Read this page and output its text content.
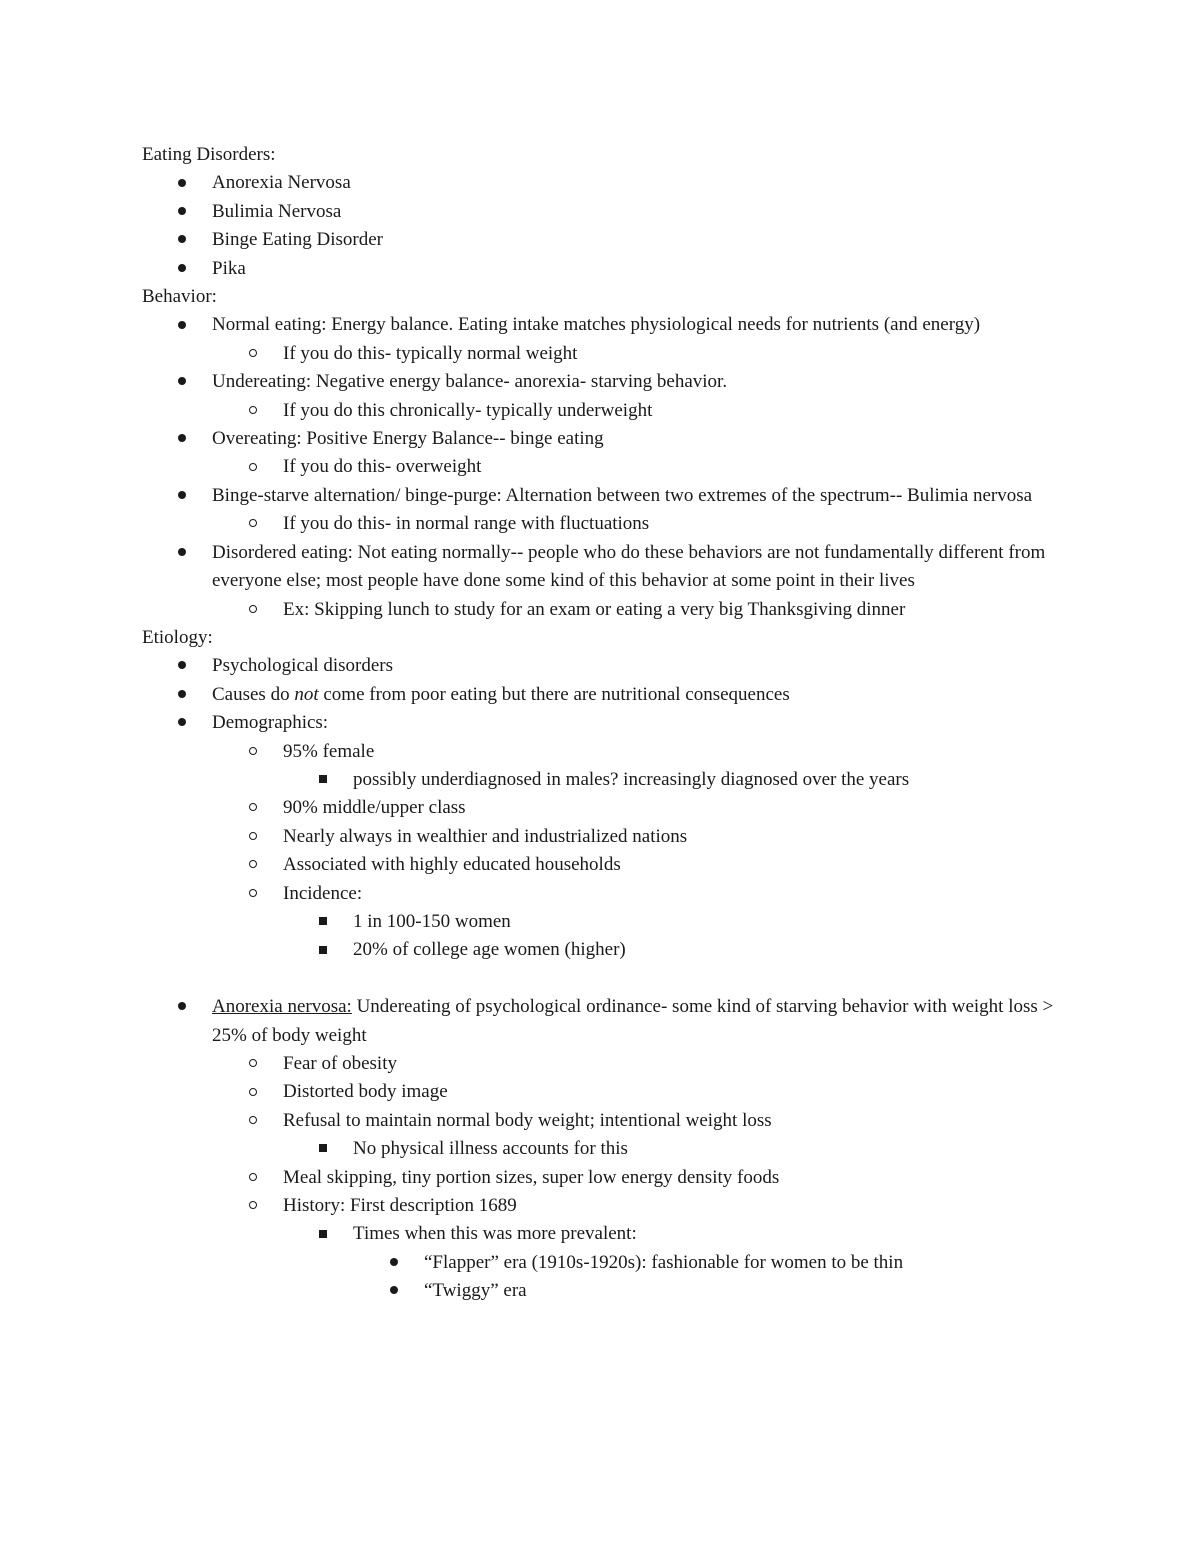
Eating Disorders:
Anorexia Nervosa
Bulimia Nervosa
Binge Eating Disorder
Pika
Behavior:
Normal eating: Energy balance. Eating intake matches physiological needs for nutrients (and energy)
If you do this- typically normal weight
Undereating: Negative energy balance- anorexia- starving behavior.
If you do this chronically- typically underweight
Overeating: Positive Energy Balance-- binge eating
If you do this- overweight
Binge-starve alternation/ binge-purge: Alternation between two extremes of the spectrum-- Bulimia nervosa
If you do this- in normal range with fluctuations
Disordered eating: Not eating normally-- people who do these behaviors are not fundamentally different from everyone else; most people have done some kind of this behavior at some point in their lives
Ex: Skipping lunch to study for an exam or eating a very big Thanksgiving dinner
Etiology:
Psychological disorders
Causes do not come from poor eating but there are nutritional consequences
Demographics:
95% female
possibly underdiagnosed in males? increasingly diagnosed over the years
90% middle/upper class
Nearly always in wealthier and industrialized nations
Associated with highly educated households
Incidence:
1 in 100-150 women
20% of college age women (higher)
Anorexia nervosa: Undereating of psychological ordinance- some kind of starving behavior with weight loss > 25% of body weight
Fear of obesity
Distorted body image
Refusal to maintain normal body weight; intentional weight loss
No physical illness accounts for this
Meal skipping, tiny portion sizes, super low energy density foods
History: First description 1689
Times when this was more prevalent:
“Flapper” era (1910s-1920s): fashionable for women to be thin
“Twiggy” era
